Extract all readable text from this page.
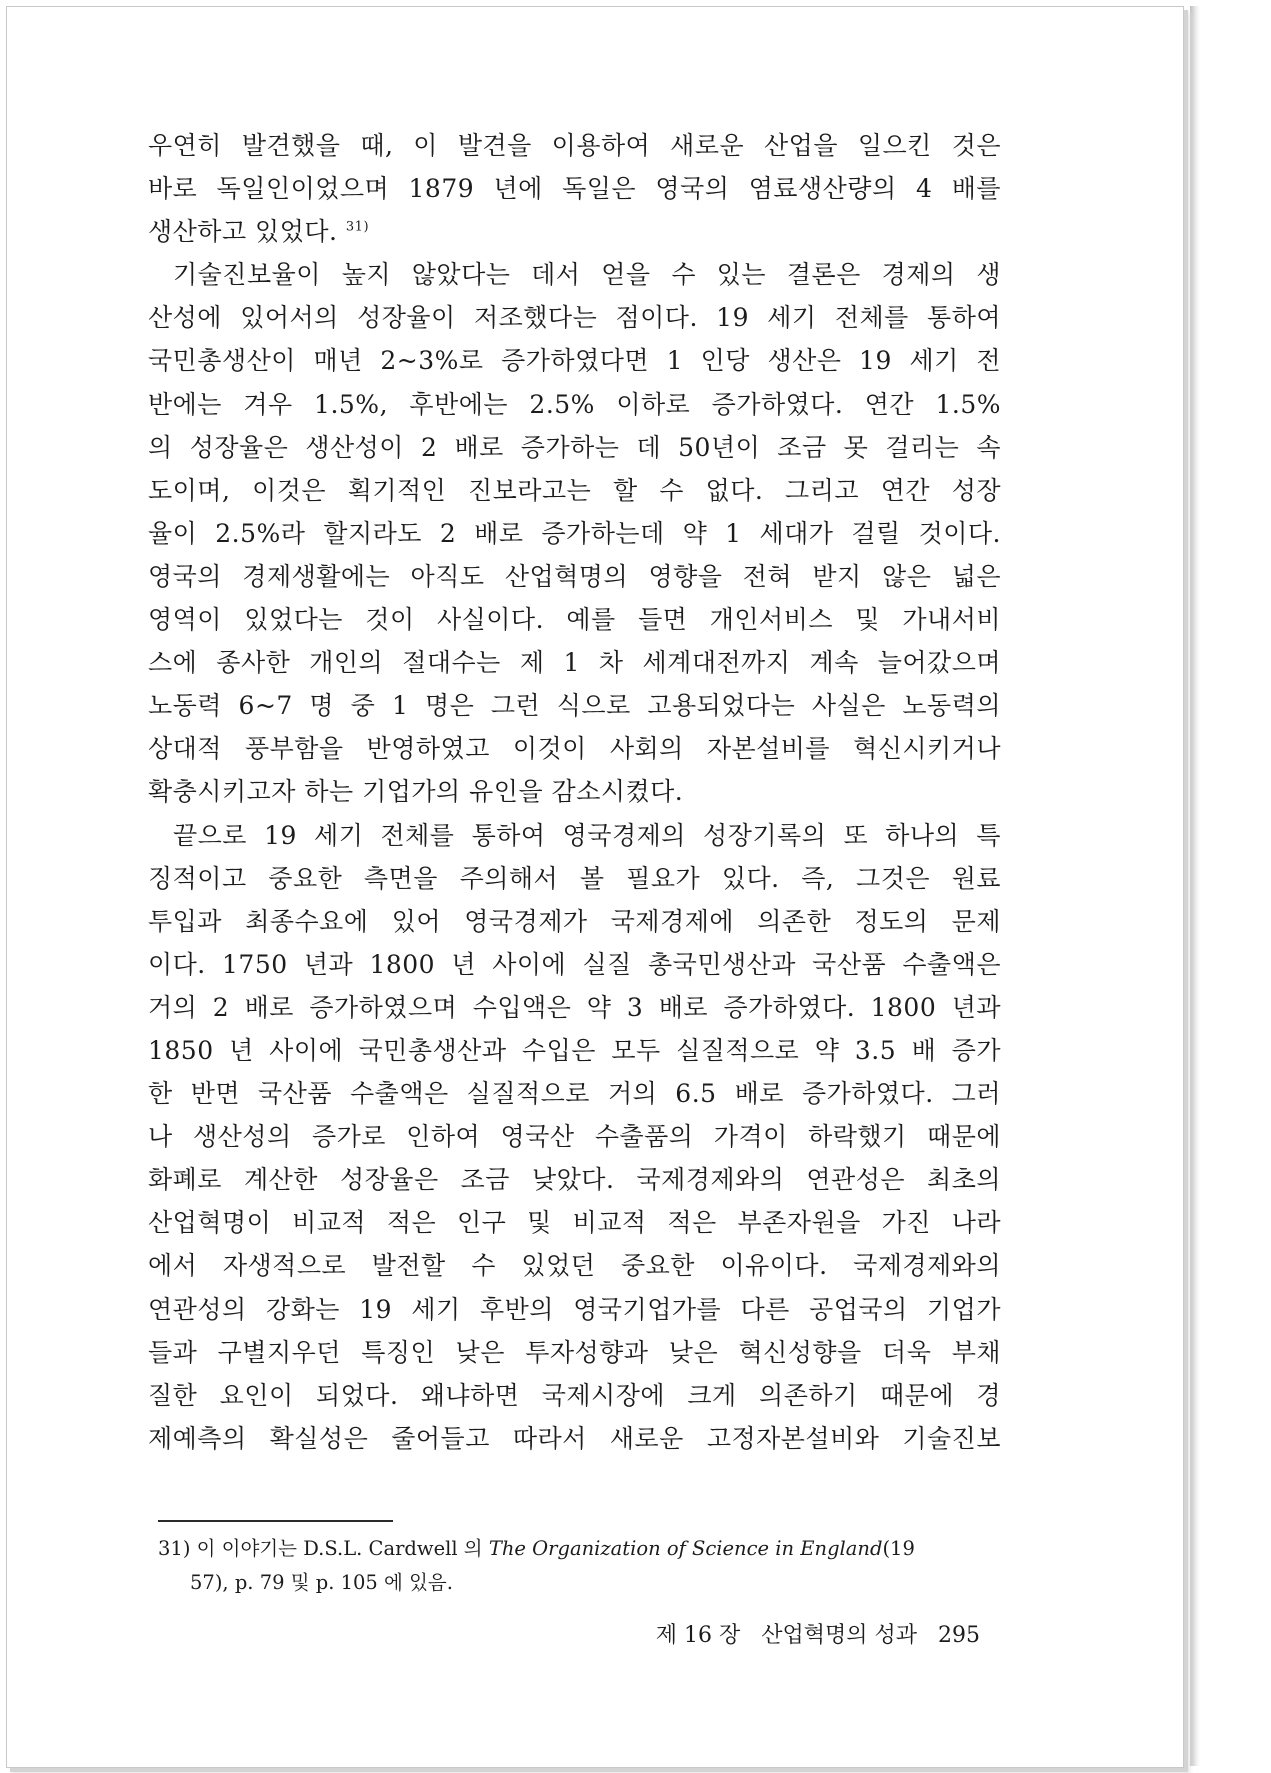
우연히 발견했을 때, 이 발견을 이용하여 새로운 산업을 일으킨 것은
바로 독일인이었으며 1879 년에 독일은 영국의 염료생산량의 4 배를
생산하고 있었다. $^{31)}$
기술진보율이 높지 않았다는 데서 얻을 수 있는 결론은 경제의 생
산성에 있어서의 성장율이 저조했다는 점이다. 19 세기 전체를 통하여
국민총생산이 매년 2~3%로 증가하였다면 1 인당 생산은 19 세기 전
반에는 겨우 1.5%, 후반에는 2.5% 이하로 증가하였다. 연간 1.5%
의 성장율은 생산성이 2 배로 증가하는 데 50년이 조금 못 걸리는 속
도이며, 이것은 획기적인 진보라고는 할 수 없다. 그리고 연간 성장
율이 2.5%라 할지라도 2 배로 증가하는데 약 1 세대가 걸릴 것이다.
영국의 경제생활에는 아직도 산업혁명의 영향을 전혀 받지 않은 넓은
영역이 있었다는 것이 사실이다. 예를 들면 개인서비스 및 가내서비
스에 종사한 개인의 절대수는 제 1 차 세계대전까지 계속 늘어갔으며
노동력 6~7 명 중 1 명은 그런 식으로 고용되었다는 사실은 노동력의
상대적 풍부함을 반영하였고 이것이 사회의 자본설비를 혁신시키거나
확충시키고자 하는 기업가의 유인을 감소시켰다.
끝으로 19 세기 전체를 통하여 영국경제의 성장기록의 또 하나의 특
징적이고 중요한 측면을 주의해서 볼 필요가 있다. 즉, 그것은 원료
투입과 최종수요에 있어 영국경제가 국제경제에 의존한 정도의 문제
이다. 1750 년과 1800 년 사이에 실질 총국민생산과 국산품 수출액은
거의 2 배로 증가하였으며 수입액은 약 3 배로 증가하였다. 1800 년과
1850 년 사이에 국민총생산과 수입은 모두 실질적으로 약 3.5 배 증가
한 반면 국산품 수출액은 실질적으로 거의 6.5 배로 증가하였다. 그러
나 생산성의 증가로 인하여 영국산 수출품의 가격이 하락했기 때문에
화폐로 계산한 성장율은 조금 낮았다. 국제경제와의 연관성은 최초의
산업혁명이 비교적 적은 인구 및 비교적 적은 부존자원을 가진 나라
에서 자생적으로 발전할 수 있었던 중요한 이유이다. 국제경제와의
연관성의 강화는 19 세기 후반의 영국기업가를 다른 공업국의 기업가
들과 구별지우던 특징인 낮은 투자성향과 낮은 혁신성향을 더욱 부채
질한 요인이 되었다. 왜냐하면 국제시장에 크게 의존하기 때문에 경
제예측의 확실성은 줄어들고 따라서 새로운 고정자본설비와 기술진보
31) 이 이야기는 D.S.L. Cardwell 의 The Organization of Science in England(19
57), p. 79 및 p. 105 에 있음.
제 16 장 산업혁명의 성과 295
